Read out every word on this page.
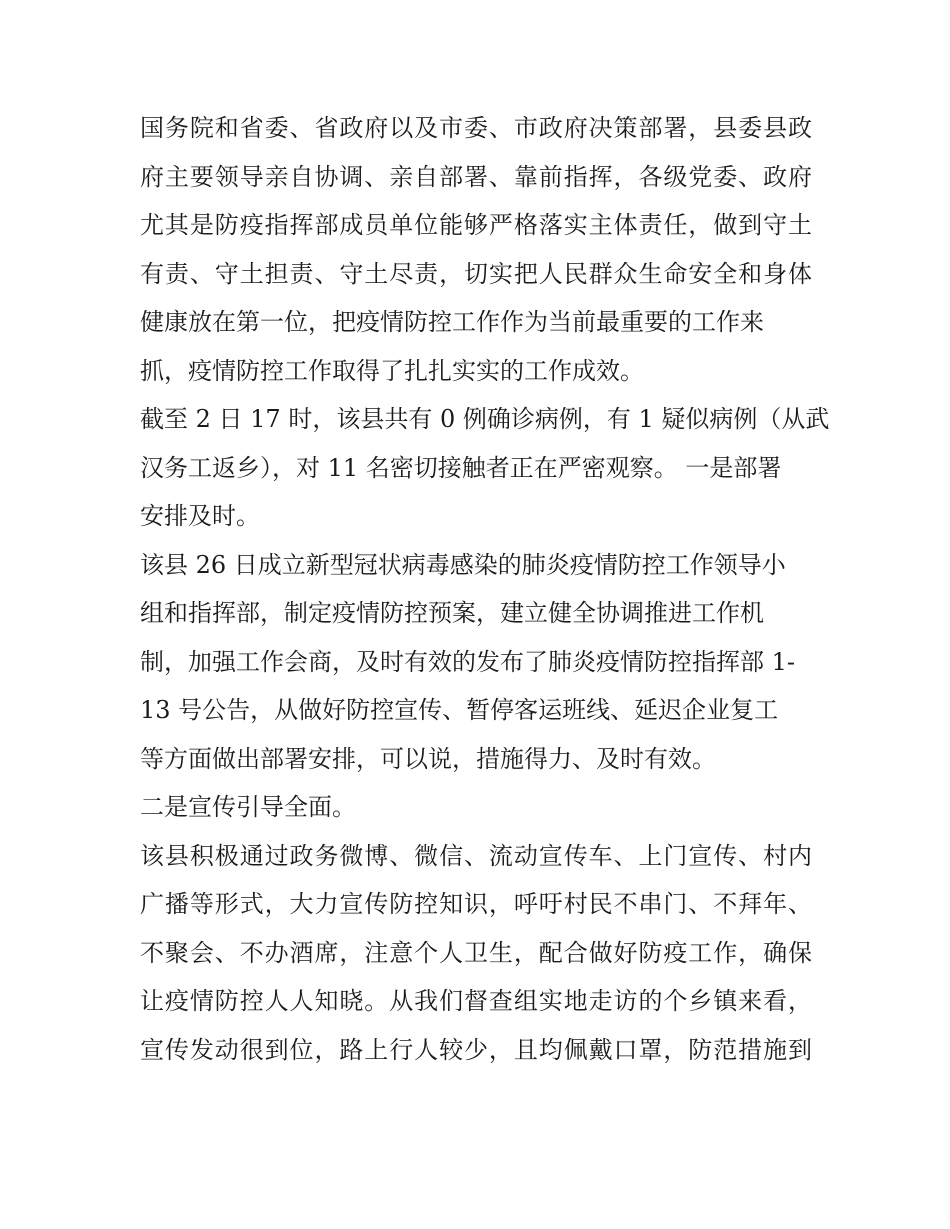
国务院和省委、省政府以及市委、市政府决策部署，县委县政
府主要领导亲自协调、亲自部署、靠前指挥，各级党委、政府
尤其是防疫指挥部成员单位能够严格落实主体责任，做到守土
有责、守土担责、守土尽责，切实把人民群众生命安全和身体
健康放在第一位，把疫情防控工作作为当前最重要的工作来
抓，疫情防控工作取得了扎扎实实的工作成效。
截至 2 日 17 时，该县共有 0 例确诊病例，有 1 疑似病例（从武
汉务工返乡），对 11 名密切接触者正在严密观察。 一是部署
安排及时。
该县 26 日成立新型冠状病毒感染的肺炎疫情防控工作领导小
组和指挥部，制定疫情防控预案，建立健全协调推进工作机
制，加强工作会商，及时有效的发布了肺炎疫情防控指挥部 1-
13 号公告，从做好防控宣传、暂停客运班线、延迟企业复工
等方面做出部署安排，可以说，措施得力、及时有效。
二是宣传引导全面。
该县积极通过政务微博、微信、流动宣传车、上门宣传、村内
广播等形式，大力宣传防控知识，呼吁村民不串门、不拜年、
不聚会、不办酒席，注意个人卫生，配合做好防疫工作，确保
让疫情防控人人知晓。从我们督查组实地走访的个乡镇来看，
宣传发动很到位，路上行人较少，且均佩戴口罩，防范措施到
